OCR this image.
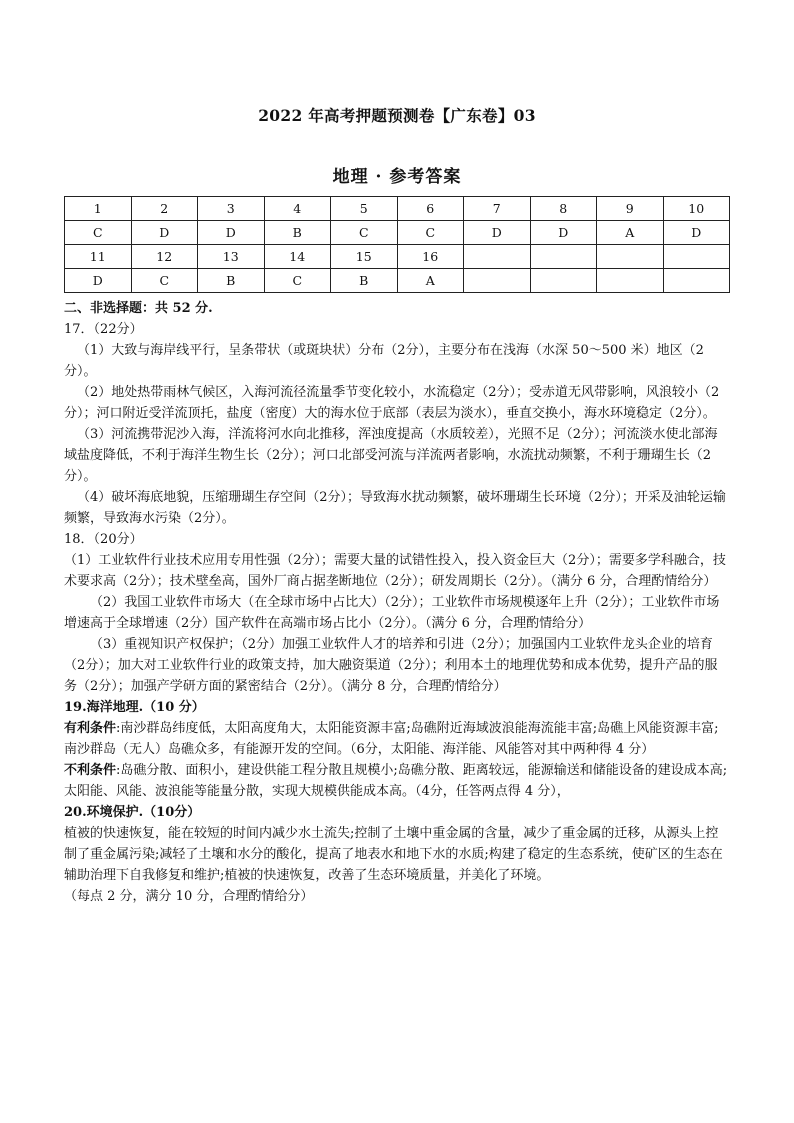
2022 年高考押题预测卷【广东卷】03
地理 · 参考答案
1	2	3	4	5	6	7	8	9	10
C	D	D	B	C	C	D	D	A	D
11	12	13	14	15	16				
D	C	B	C	B	A				

二、非选择题：共 52 分.

17．（22分）

（1）大致与海岸线平行，呈条带状（或斑块状）分布（2分），主要分布在浅海（水深 50～500 米）地区（2分）。

（2）地处热带雨林气候区，入海河流径流量季节变化较小，水流稳定（2分）；受赤道无风带影响，风浪较小（2分）；河口附近受洋流顶托，盐度（密度）大的海水位于底部（表层为淡水），垂直交换小，海水环境稳定（2分）。

（3）河流携带泥沙入海，洋流将河水向北推移，浑浊度提高（水质较差），光照不足（2分）；河流淡水使北部海域盐度降低，不利于海洋生物生长（2分）；河口北部受河流与洋流两者影响，水流扰动频繁，不利于珊瑚生长（2分）。

（4）破坏海底地貌，压缩珊瑚生存空间（2分）；导致海水扰动频繁，破坏珊瑚生长环境（2分）；开采及油轮运输频繁，导致海水污染（2分）。

18．（20分）

（1）工业软件行业技术应用专用性强（2分）；需要大量的试错性投入，投入资金巨大（2分）；需要多学科融合，技术要求高（2分）；技术壁垒高，国外厂商占据垄断地位（2分）；研发周期长（2分）。（满分 6 分，合理酌情给分）

（2）我国工业软件市场大（在全球市场中占比大）（2分）；工业软件市场规模逐年上升（2分）；工业软件市场增速高于全球增速（2分）国产软件在高端市场占比小（2分）。（满分 6 分，合理酌情给分）

（3）重视知识产权保护；（2分）加强工业软件人才的培养和引进（2分）；加强国内工业软件龙头企业的培育（2分）；加大对工业软件行业的政策支持，加大融资渠道（2分）；利用本土的地理优势和成本优势，提升产品的服务（2分）；加强产学研方面的紧密结合（2分）。（满分 8 分，合理酌情给分）

19.海洋地理.（10 分）

有利条件:南沙群岛纬度低，太阳高度角大，太阳能资源丰富;岛礁附近海域波浪能海流能丰富;岛礁上风能资源丰富;南沙群岛（无人）岛礁众多，有能源开发的空间。（6分，太阳能、海洋能、风能答对其中两种得 4 分）

不利条件:岛礁分散、面积小，建设供能工程分散且规模小;岛礁分散、距离较远，能源输送和储能设备的建设成本高;太阳能、风能、波浪能等能量分散，实现大规模供能成本高。（4分，任答两点得 4 分），

20.环境保护.（10分）

植被的快速恢复，能在较短的时间内减少水土流失;控制了土壤中重金属的含量，减少了重金属的迁移，从源头上控制了重金属污染;减轻了土壤和水分的酸化，提高了地表水和地下水的水质;构建了稳定的生态系统，使矿区的生态在辅助治理下自我修复和维护;植被的快速恢复，改善了生态环境质量，并美化了环境。

（每点 2 分，满分 10 分，合理酌情给分）
